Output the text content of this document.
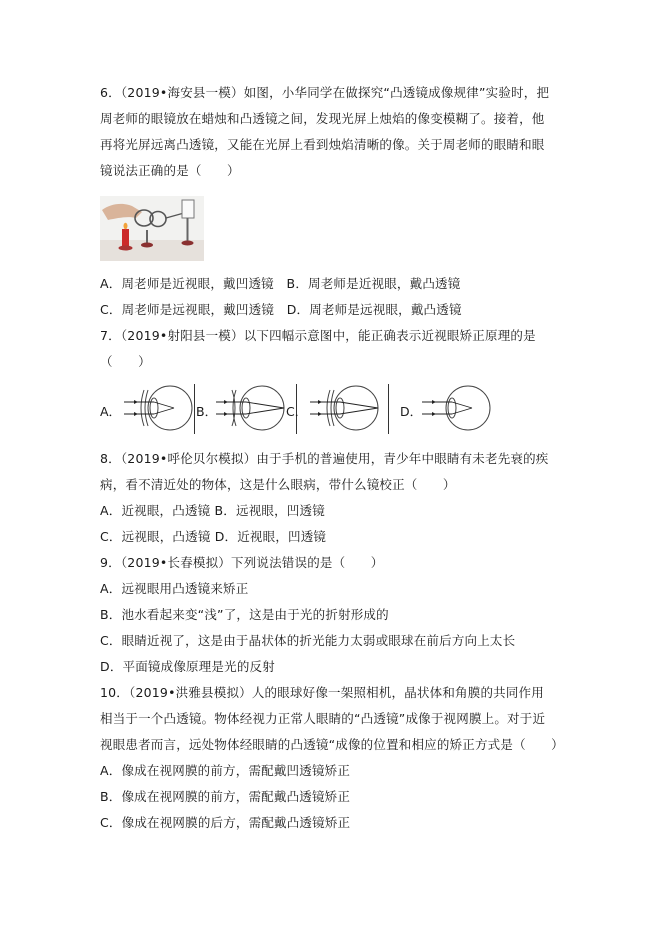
6．（2019•海安县一模）如图，小华同学在做探究“凸透镜成像规律”实验时，把
周老师的眼镜放在蜡烛和凸透镜之间，发现光屏上烛焰的像变模糊了。接着，他
再将光屏远离凸透镜，又能在光屏上看到烛焰清晰的像。关于周老师的眼睛和眼
镜说法正确的是（　　）
A．周老师是近视眼，戴凹透镜　B．周老师是近视眼，戴凸透镜
C．周老师是远视眼，戴凹透镜　D．周老师是远视眼，戴凸透镜
7．（2019•射阳县一模）以下四幅示意图中，能正确表示近视眼矫正原理的是
（　　）
A．	B．	C．	D．
8．（2019•呼伦贝尔模拟）由于手机的普遍使用，青少年中眼睛有未老先衰的疾
病，看不清近处的物体，这是什么眼病，带什么镜校正（　　）
A．近视眼，凸透镜 B．远视眼，凹透镜
C．远视眼，凸透镜 D．近视眼，凹透镜
9．（2019•长春模拟）下列说法错误的是（　　）
A．远视眼用凸透镜来矫正
B．池水看起来变“浅”了，这是由于光的折射形成的
C．眼睛近视了，这是由于晶状体的折光能力太弱或眼球在前后方向上太长
D．平面镜成像原理是光的反射
10．（2019•洪雅县模拟）人的眼球好像一架照相机，晶状体和角膜的共同作用
相当于一个凸透镜。物体经视力正常人眼睛的“凸透镜”成像于视网膜上。对于近
视眼患者而言，远处物体经眼睛的凸透镜“成像的位置和相应的矫正方式是（　　）
A．像成在视网膜的前方，需配戴凹透镜矫正
B．像成在视网膜的前方，需配戴凸透镜矫正
C．像成在视网膜的后方，需配戴凸透镜矫正
